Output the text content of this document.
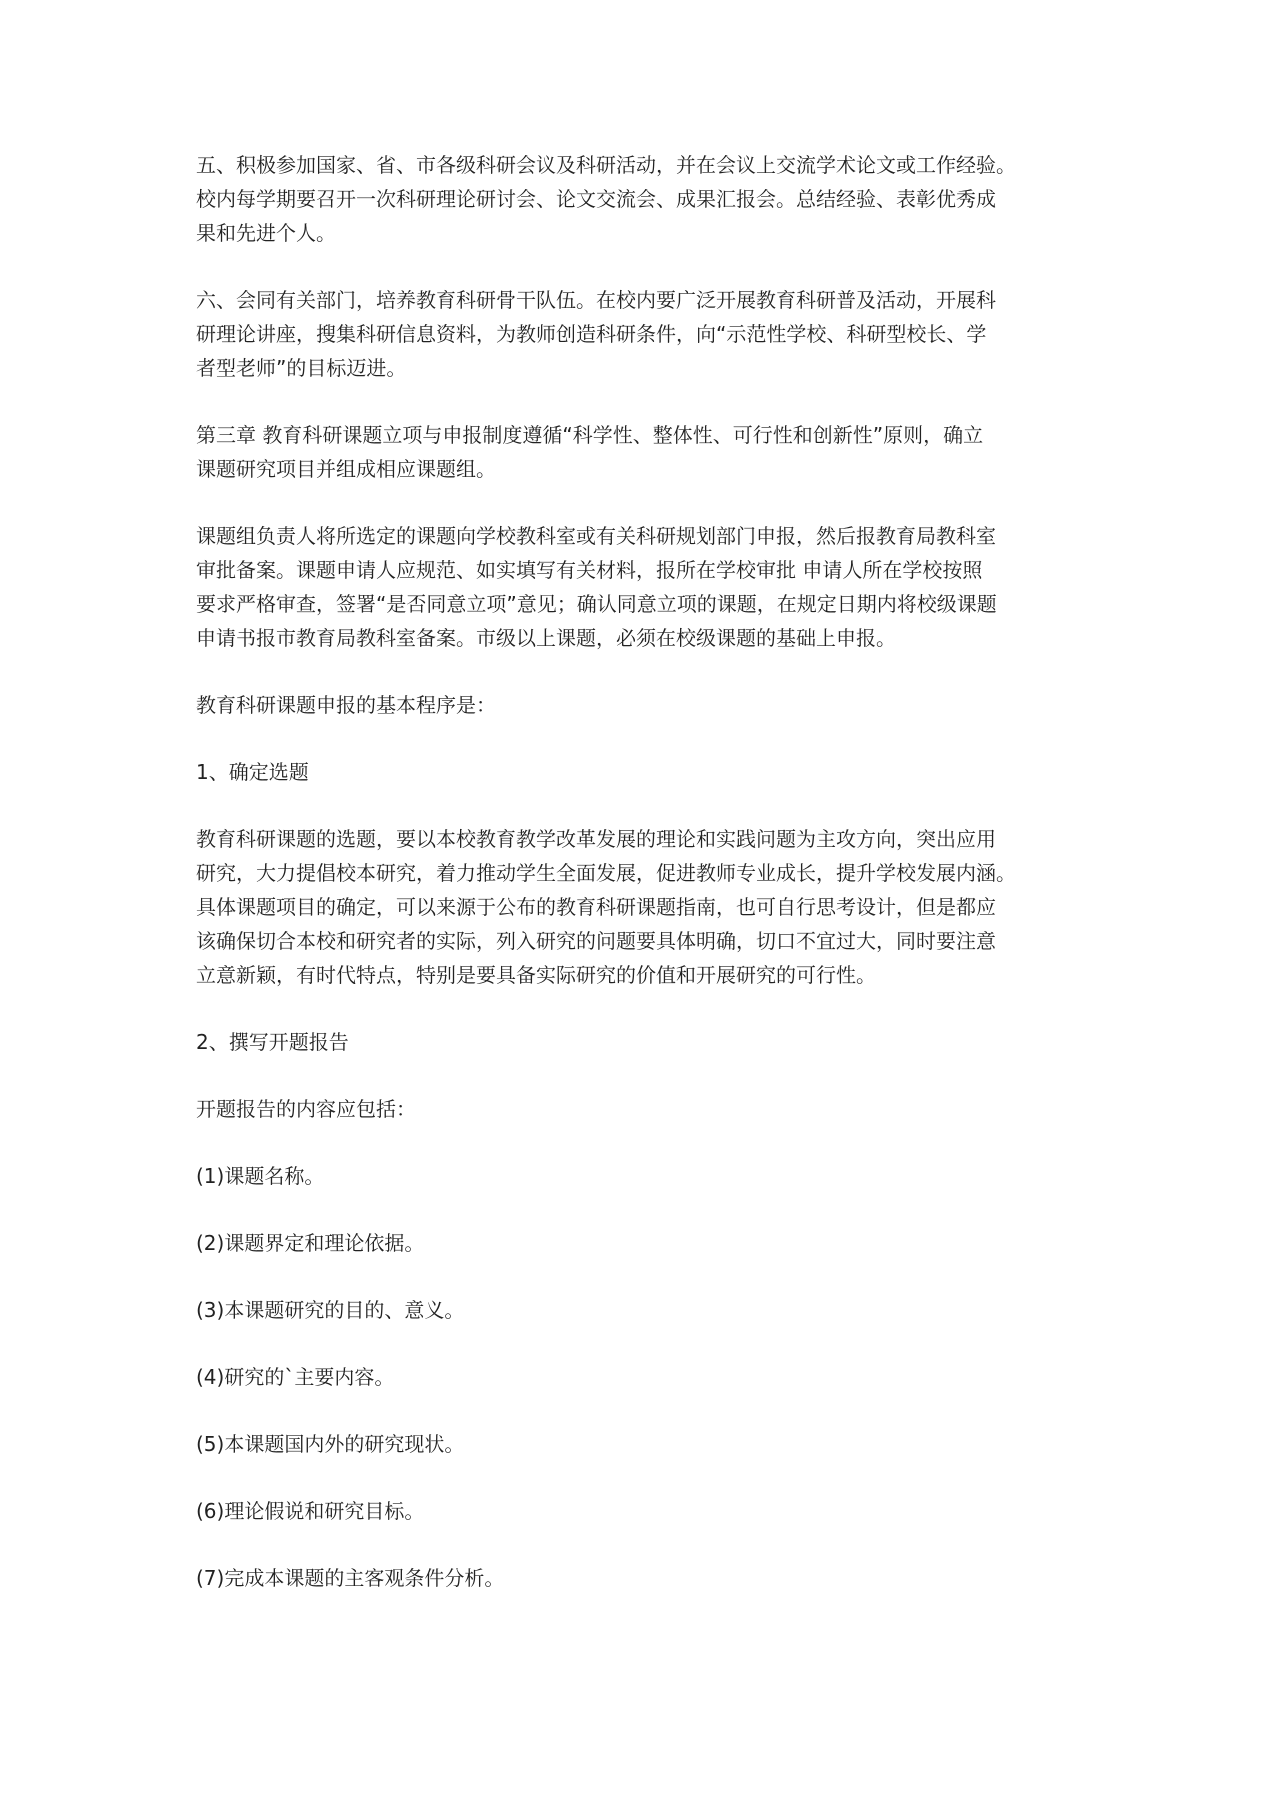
五、积极参加国家、省、市各级科研会议及科研活动，并在会议上交流学术论文或工作经验。
校内每学期要召开一次科研理论研讨会、论文交流会、成果汇报会。总结经验、表彰优秀成
果和先进个人。

六、会同有关部门，培养教育科研骨干队伍。在校内要广泛开展教育科研普及活动，开展科
研理论讲座，搜集科研信息资料，为教师创造科研条件，向“示范性学校、科研型校长、学
者型老师”的目标迈进。

第三章 教育科研课题立项与申报制度遵循“科学性、整体性、可行性和创新性”原则，确立
课题研究项目并组成相应课题组。

课题组负责人将所选定的课题向学校教科室或有关科研规划部门申报，然后报教育局教科室
审批备案。课题申请人应规范、如实填写有关材料，报所在学校审批 申请人所在学校按照
要求严格审查，签署“是否同意立项”意见；确认同意立项的课题，在规定日期内将校级课题
申请书报市教育局教科室备案。市级以上课题，必须在校级课题的基础上申报。

教育科研课题申报的基本程序是：

1、确定选题

教育科研课题的选题，要以本校教育教学改革发展的理论和实践问题为主攻方向，突出应用
研究，大力提倡校本研究，着力推动学生全面发展，促进教师专业成长，提升学校发展内涵。
具体课题项目的确定，可以来源于公布的教育科研课题指南，也可自行思考设计，但是都应
该确保切合本校和研究者的实际，列入研究的问题要具体明确，切口不宜过大，同时要注意
立意新颖，有时代特点，特别是要具备实际研究的价值和开展研究的可行性。

2、撰写开题报告

开题报告的内容应包括：

(1)课题名称。

(2)课题界定和理论依据。

(3)本课题研究的目的、意义。

(4)研究的`主要内容。

(5)本课题国内外的研究现状。

(6)理论假说和研究目标。

(7)完成本课题的主客观条件分析。
